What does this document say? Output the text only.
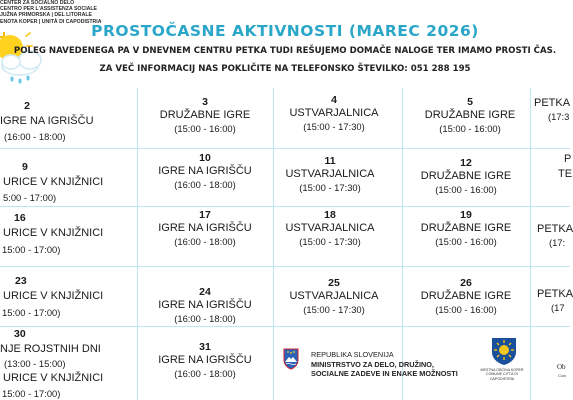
CENTER ZA SOCIALNO DELO
CENTRO PER L'ASSISTENZA SOCIALE
JUŽNA PRIMORSKA | DEL LITORALE
ENOTA KOPER | UNITÀ DI CAPODISTRIA
PROSTOČASNE AKTIVNOSTI (MAREC 2026)
POLEG NAVEDENEGA PA V DNEVNEM CENTRU PETKA TUDI REŠUJEMO DOMAČE NALOGE TER IMAMO PROSTI ČAS.
ZA VEČ INFORMACIJ NAS POKLIČITE NA TELEFONSKO ŠTEVILKO: 051 288 195
2
IGRE NA IGRIŠČU
(16:00 - 18:00)
3
DRUŽABNE IGRE
(15:00 - 16:00)
4
USTVARJALNICA
(15:00 - 17:30)
5
DRUŽABNE IGRE
(15:00 - 16:00)
PETKA
(17:3
9
URICE V KNJIŽNICI
5:00 - 17:00)
10
IGRE NA IGRIŠČU
(16:00 - 18:00)
11
USTVARJALNICA
(15:00 - 17:30)
12
DRUŽABNE IGRE
(15:00 - 16:00)
P
TE
16
URICE V KNJIŽNICI
15:00 - 17:00)
17
IGRE NA IGRIŠČU
(16:00 - 18:00)
18
USTVARJALNICA
(15:00 - 17:30)
19
DRUŽABNE IGRE
(15:00 - 16:00)
PETKA
(17:
23
URICE V KNJIŽNICI
15:00 - 17:00)
24
IGRE NA IGRIŠČU
(16:00 - 18:00)
25
USTVARJALNICA
(15:00 - 17:30)
26
DRUŽABNE IGRE
(15:00 - 16:00)
PETKA
(17
30
NJE ROJSTNIH DNI
(13:00 - 15:00)
URICE V KNJIŽNICI
15:00 - 17:00)
31
IGRE NA IGRIŠČU
(16:00 - 18:00)
REPUBLIKA SLOVENIJA
MINISTRSTVO ZA DELO, DRUŽINO,
SOCIALNE ZADEVE IN ENAKE MOŽNOSTI	MESTNA OBČINA KOPER
COMUNE CITTÀ DI CAPODISTRIA
Ob
Cow
